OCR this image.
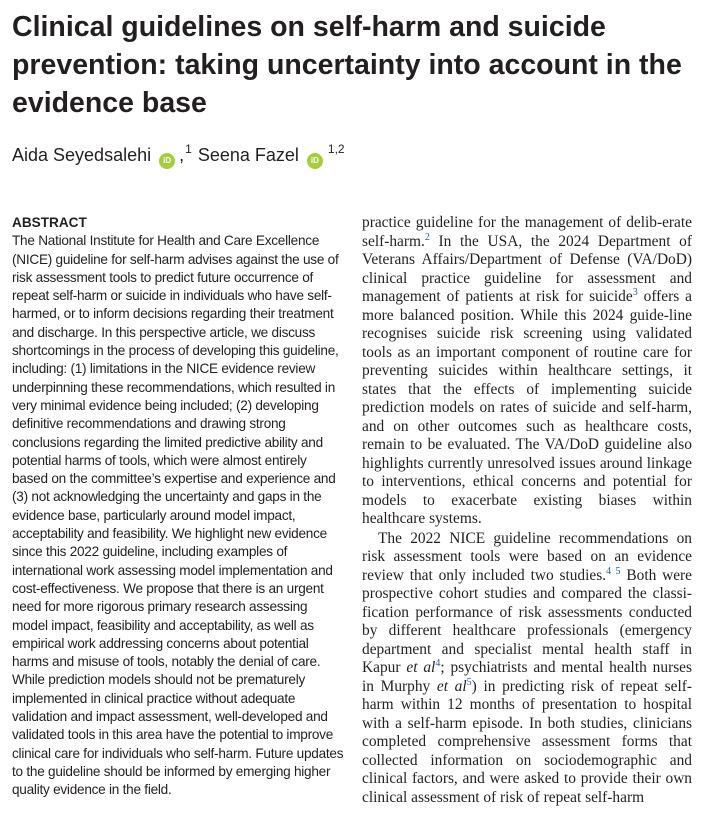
Clinical guidelines on self-harm and suicide prevention: taking uncertainty into account in the evidence base
Aida Seyedsalehi	iD ,$^1$ Seena Fazel	iD
$^{1,2}$
ABSTRACT
The National Institute for Health and Care Excellence (NICE) guideline for self-harm advises against the use of risk assessment tools to predict future occurrence of repeat self-harm or suicide in individuals who have self-harmed, or to inform decisions regarding their treatment and discharge. In this perspective article, we discuss shortcomings in the process of developing this guideline, including: (1) limitations in the NICE evidence review underpinning these recommendations, which resulted in very minimal evidence being included; (2) developing definitive recommendations and drawing strong conclusions regarding the limited predictive ability and potential harms of tools, which were almost entirely based on the committee’s expertise and experience and (3) not acknowledging the uncertainty and gaps in the evidence base, particularly around model impact, acceptability and feasibility. We highlight new evidence since this 2022 guideline, including examples of international work assessing model implementation and cost-effectiveness. We propose that there is an urgent need for more rigorous primary research assessing model impact, feasibility and acceptability, as well as empirical work addressing concerns about potential harms and misuse of tools, notably the denial of care. While prediction models should not be prematurely implemented in clinical practice without adequate validation and impact assessment, well-developed and validated tools in this area have the potential to improve clinical care for individuals who self-harm. Future updates to the guideline should be informed by emerging higher quality evidence in the field.

practice guideline for the management of delib-erate self-harm.$^2$ In the USA, the 2024 Department of Veterans Affairs/Department of Defense (VA/DoD) clinical practice guideline for assessment and management of patients at risk for suicide$^3$ offers a more balanced position. While this 2024 guide-line recognises suicide risk screening using validated tools as an important component of routine care for preventing suicides within healthcare settings, it states that the effects of implementing suicide prediction models on rates of suicide and self-harm, and on other outcomes such as healthcare costs, remain to be evaluated. The VA/DoD guideline also highlights currently unresolved issues around linkage to interventions, ethical concerns and potential for models to exacerbate existing biases within healthcare systems.

The 2022 NICE guideline recommendations on risk assessment tools were based on an evidence review that only included two studies.$^{4 5}$ Both were prospective cohort studies and compared the classi-fication performance of risk assessments conducted by different healthcare professionals (emergency department and specialist mental health staff in Kapur et al$^4$; psychiatrists and mental health nurses in Murphy et al$^5$) in predicting risk of repeat self-harm within 12 months of presentation to hospital with a self-harm episode. In both studies, clinicians completed comprehensive assessment forms that collected information on sociodemographic and clinical factors, and were asked to provide their own clinical assessment of risk of repeat self-harm
